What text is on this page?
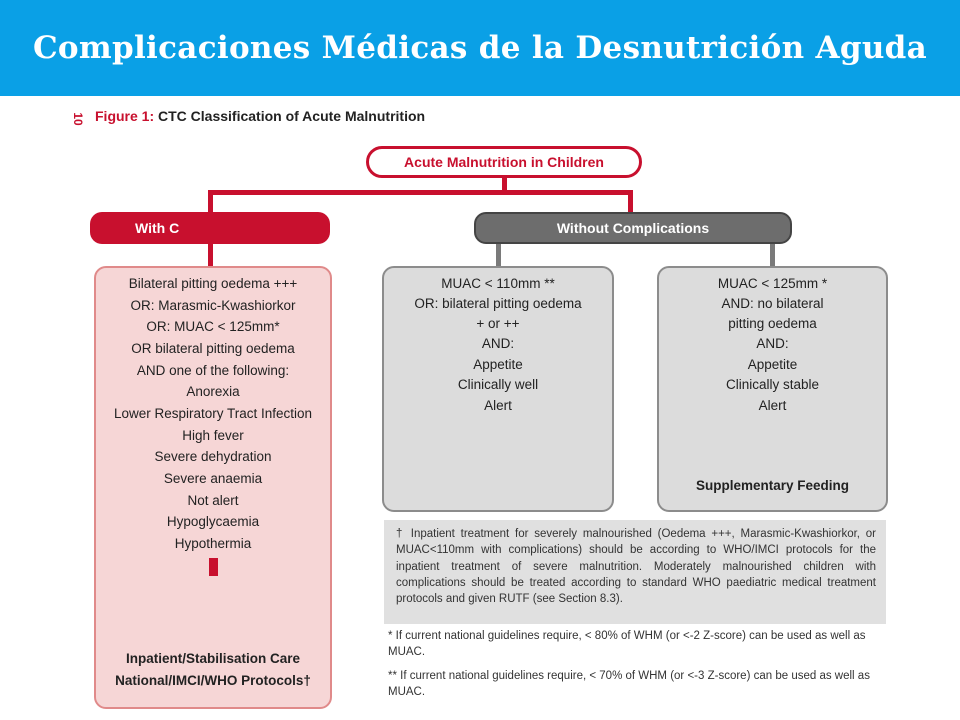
Complicaciones Médicas de la Desnutrición Aguda
10 Figure 1: CTC Classification of Acute Malnutrition
Acute Malnutrition in Children
With C	Without Complications
Bilateral pitting oedema +++
OR: Marasmic-Kwashiorkor
OR: MUAC < 125mm*
OR bilateral pitting oedema
AND one of the following:
Anorexia
Lower Respiratory Tract Infection
High fever
Severe dehydration
Severe anaemia
Not alert
Hypoglycaemia
Hypothermia
Inpatient/Stabilisation Care
National/IMCI/WHO Protocols†
MUAC < 110mm **
OR: bilateral pitting oedema
+ or ++
AND:
Appetite
Clinically well
Alert
MUAC < 125mm *
AND: no bilateral
pitting oedema
AND:
Appetite
Clinically stable
Alert
Supplementary Feeding
† Inpatient treatment for severely malnourished (Oedema +++, Marasmic-Kwashiorkor, or MUAC<110mm with complications) should be according to WHO/IMCI protocols for the inpatient treatment of severe malnutrition. Moderately malnourished children with complications should be treated according to standard WHO paediatric medical treatment protocols and given RUTF (see Section 8.3).
* If current national guidelines require, < 80% of WHM (or <-2 Z-score) can be used as well as MUAC.
** If current national guidelines require, < 70% of WHM (or <-3 Z-score) can be used as well as MUAC.
